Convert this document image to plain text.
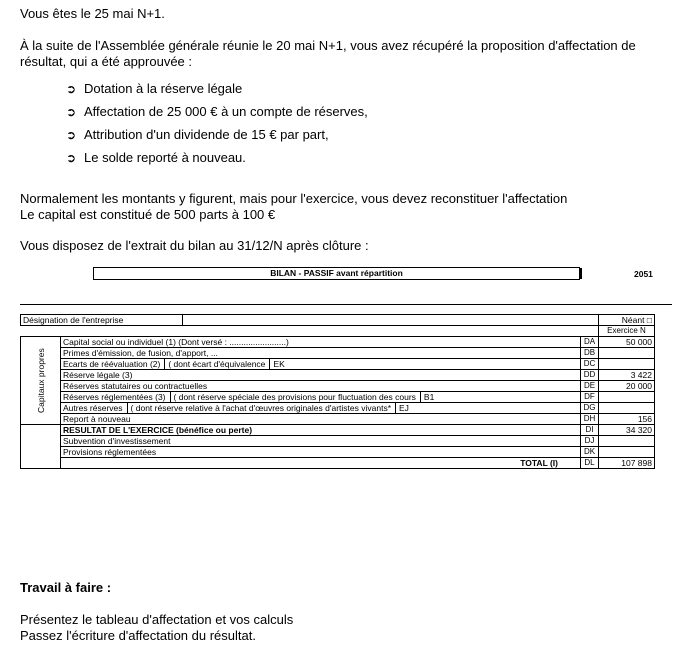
Vous êtes le 25 mai N+1.
À la suite de l'Assemblée générale réunie le 20 mai N+1, vous avez récupéré la proposition d'affectation de
résultat, qui a été approuvée :
➲ Dotation à la réserve légale
➲ Affectation de 25 000 € à un compte de réserves,
➲ Attribution d'un dividende de 15 € par part,
➲ Le solde reporté à nouveau.
Normalement les montants y figurent, mais pour l'exercice, vous devez reconstituer l'affectation
Le capital est constitué de 500 parts à 100 €
Vous disposez de l'extrait du bilan au 31/12/N après clôture :
BILAN - PASSIF avant répartition	2051
Désignation de l'entreprise				Néant □
				Exercice N
Capitaux propres	Capital social ou individuel (1) (Dont versé : ........................)		DA	50 000
	Primes d'émission, de fusion, d'apport, ...		DB	
	Ecarts de réévaluation (2) ( dont écart d'équivalence EK		DC	
	Réserve légale (3)		DD	3 422
	Réserves statutaires ou contractuelles		DE	20 000
	Réserves réglementées (3) ( dont réserve spéciale des provisions pour fluctuation des cours B1		DF	
	Autres réserves ( dont réserve relative à l'achat d'œuvres originales d'artistes vivants* EJ		DG	
	Report à nouveau		DH	156
	RESULTAT DE L'EXERCICE (bénéfice ou perte)		DI	34 320
	Subvention d'investissement		DJ	
	Provisions réglementées		DK	
	TOTAL (I)		DL	107 898
Travail à faire :
Présentez le tableau d'affectation et vos calculs
Passez l'écriture d'affectation du résultat.
